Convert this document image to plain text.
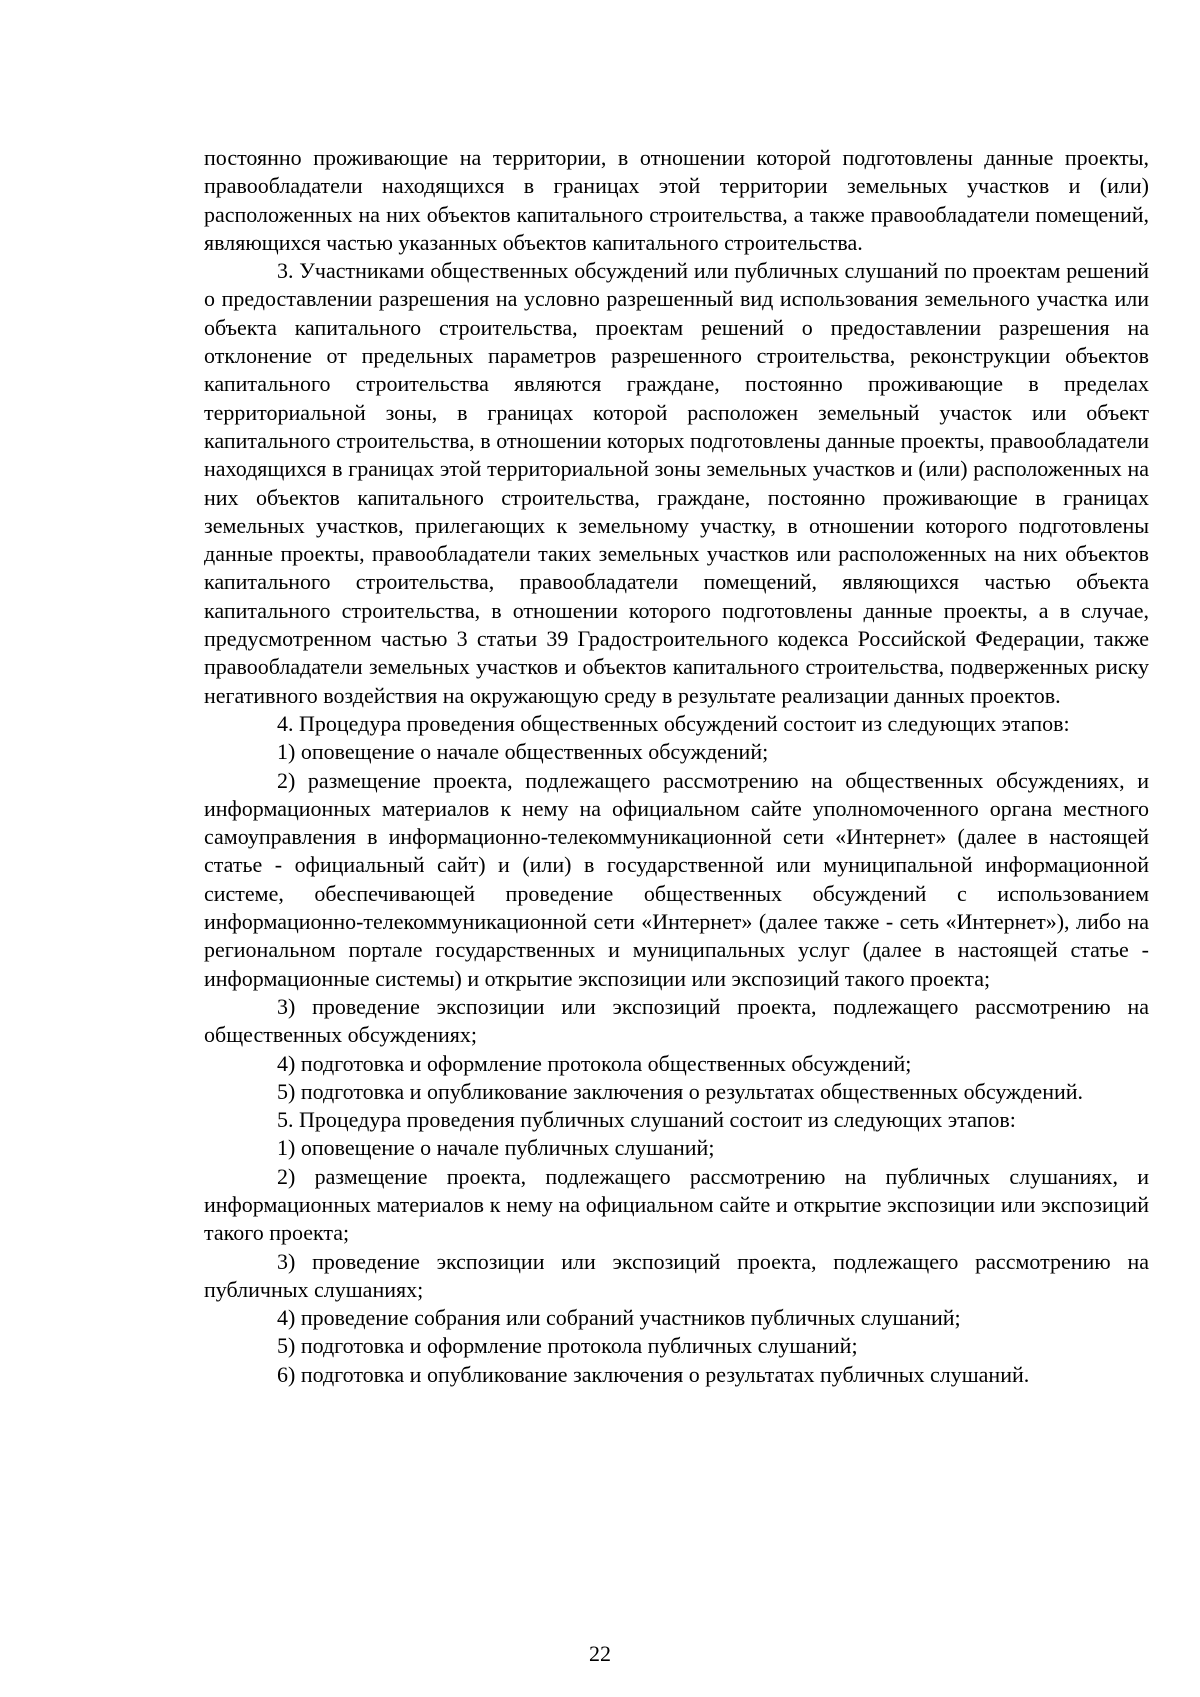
постоянно проживающие на территории, в отношении которой подготовлены данные проекты, правообладатели находящихся в границах этой территории земельных участков и (или) расположенных на них объектов капитального строительства, а также правообладатели помещений, являющихся частью указанных объектов капитального строительства.

3. Участниками общественных обсуждений или публичных слушаний по проектам решений о предоставлении разрешения на условно разрешенный вид использования земельного участка или объекта капитального строительства, проектам решений о предоставлении разрешения на отклонение от предельных параметров разрешенного строительства, реконструкции объектов капитального строительства являются граждане, постоянно проживающие в пределах территориальной зоны, в границах которой расположен земельный участок или объект капитального строительства, в отношении которых подготовлены данные проекты, правообладатели находящихся в границах этой территориальной зоны земельных участков и (или) расположенных на них объектов капитального строительства, граждане, постоянно проживающие в границах земельных участков, прилегающих к земельному участку, в отношении которого подготовлены данные проекты, правообладатели таких земельных участков или расположенных на них объектов капитального строительства, правообладатели помещений, являющихся частью объекта капитального строительства, в отношении которого подготовлены данные проекты, а в случае, предусмотренном частью 3 статьи 39 Градостроительного кодекса Российской Федерации, также правообладатели земельных участков и объектов капитального строительства, подверженных риску негативного воздействия на окружающую среду в результате реализации данных проектов.

4. Процедура проведения общественных обсуждений состоит из следующих этапов:

1) оповещение о начале общественных обсуждений;

2) размещение проекта, подлежащего рассмотрению на общественных обсуждениях, и информационных материалов к нему на официальном сайте уполномоченного органа местного самоуправления в информационно-телекоммуникационной сети «Интернет» (далее в настоящей статье - официальный сайт) и (или) в государственной или муниципальной информационной системе, обеспечивающей проведение общественных обсуждений с использованием информационно-телекоммуникационной сети «Интернет» (далее также - сеть «Интернет»), либо на региональном портале государственных и муниципальных услуг (далее в настоящей статье - информационные системы) и открытие экспозиции или экспозиций такого проекта;

3) проведение экспозиции или экспозиций проекта, подлежащего рассмотрению на общественных обсуждениях;

4) подготовка и оформление протокола общественных обсуждений;

5) подготовка и опубликование заключения о результатах общественных обсуждений.

5. Процедура проведения публичных слушаний состоит из следующих этапов:

1) оповещение о начале публичных слушаний;

2) размещение проекта, подлежащего рассмотрению на публичных слушаниях, и информационных материалов к нему на официальном сайте и открытие экспозиции или экспозиций такого проекта;

3) проведение экспозиции или экспозиций проекта, подлежащего рассмотрению на публичных слушаниях;

4) проведение собрания или собраний участников публичных слушаний;

5) подготовка и оформление протокола публичных слушаний;

6) подготовка и опубликование заключения о результатах публичных слушаний.

22
